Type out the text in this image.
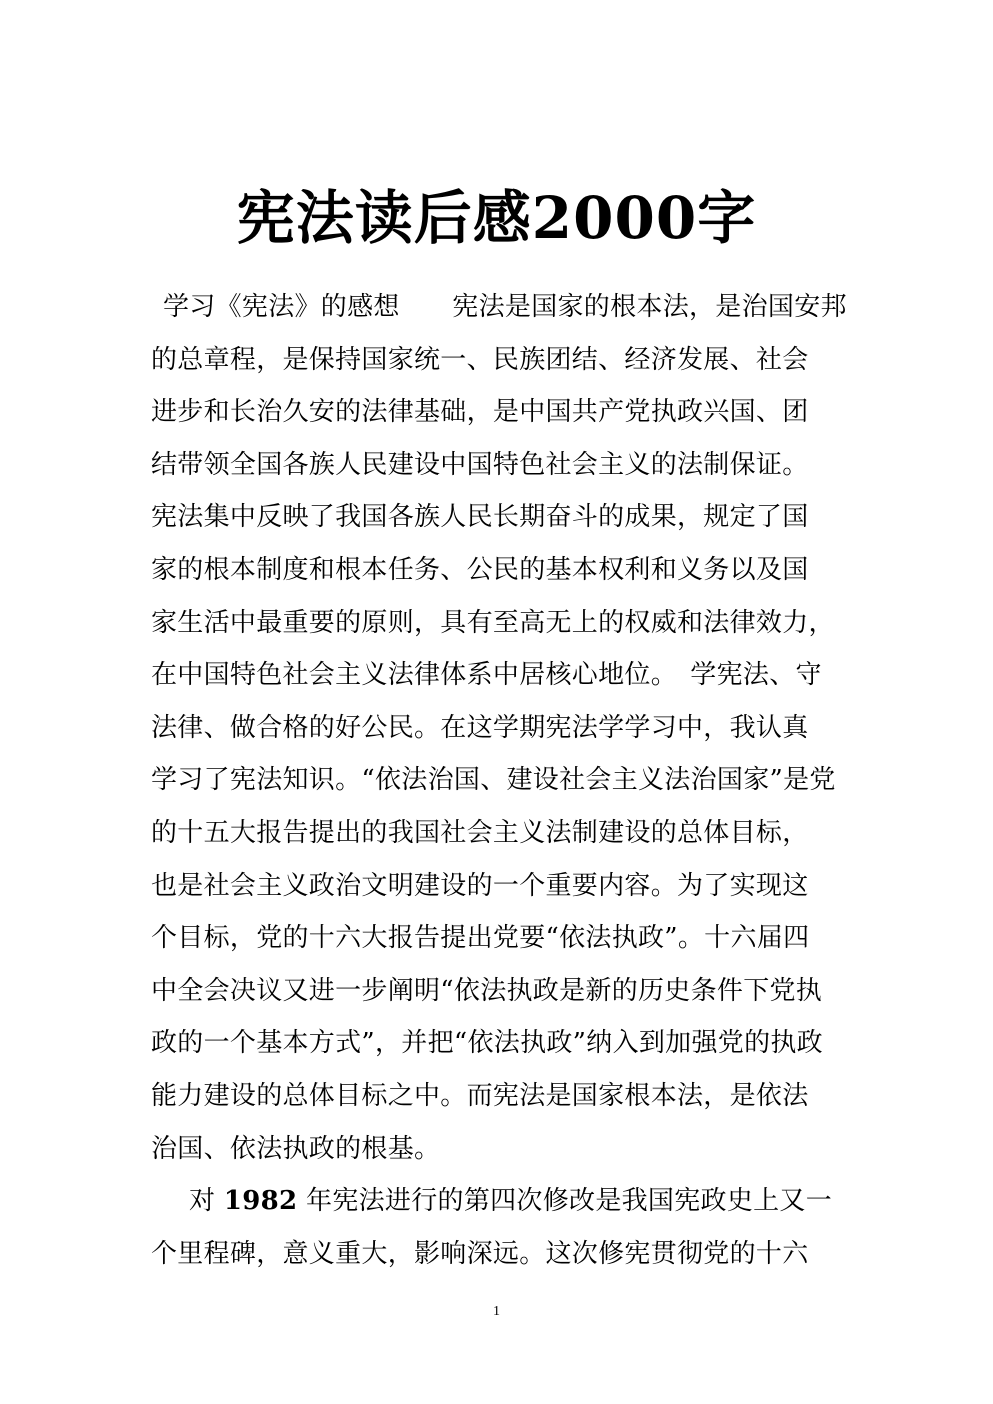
宪法读后感2000字
学习《宪法》的感想　　宪法是国家的根本法，是治国安邦
的总章程，是保持国家统一、民族团结、经济发展、社会
进步和长治久安的法律基础，是中国共产党执政兴国、团
结带领全国各族人民建设中国特色社会主义的法制保证。
宪法集中反映了我国各族人民长期奋斗的成果，规定了国
家的根本制度和根本任务、公民的基本权利和义务以及国
家生活中最重要的原则，具有至高无上的权威和法律效力，
在中国特色社会主义法律体系中居核心地位。　学宪法、守
法律、做合格的好公民。在这学期宪法学学习中，我认真
学习了宪法知识。“依法治国、建设社会主义法治国家”是党
的十五大报告提出的我国社会主义法制建设的总体目标，
也是社会主义政治文明建设的一个重要内容。为了实现这
个目标，党的十六大报告提出党要“依法执政”。十六届四
中全会决议又进一步阐明“依法执政是新的历史条件下党执
政的一个基本方式”，并把“依法执政”纳入到加强党的执政
能力建设的总体目标之中。而宪法是国家根本法，是依法
治国、依法执政的根基。
对 1982 年宪法进行的第四次修改是我国宪政史上又一
个里程碑，意义重大，影响深远。这次修宪贯彻党的十六
1
